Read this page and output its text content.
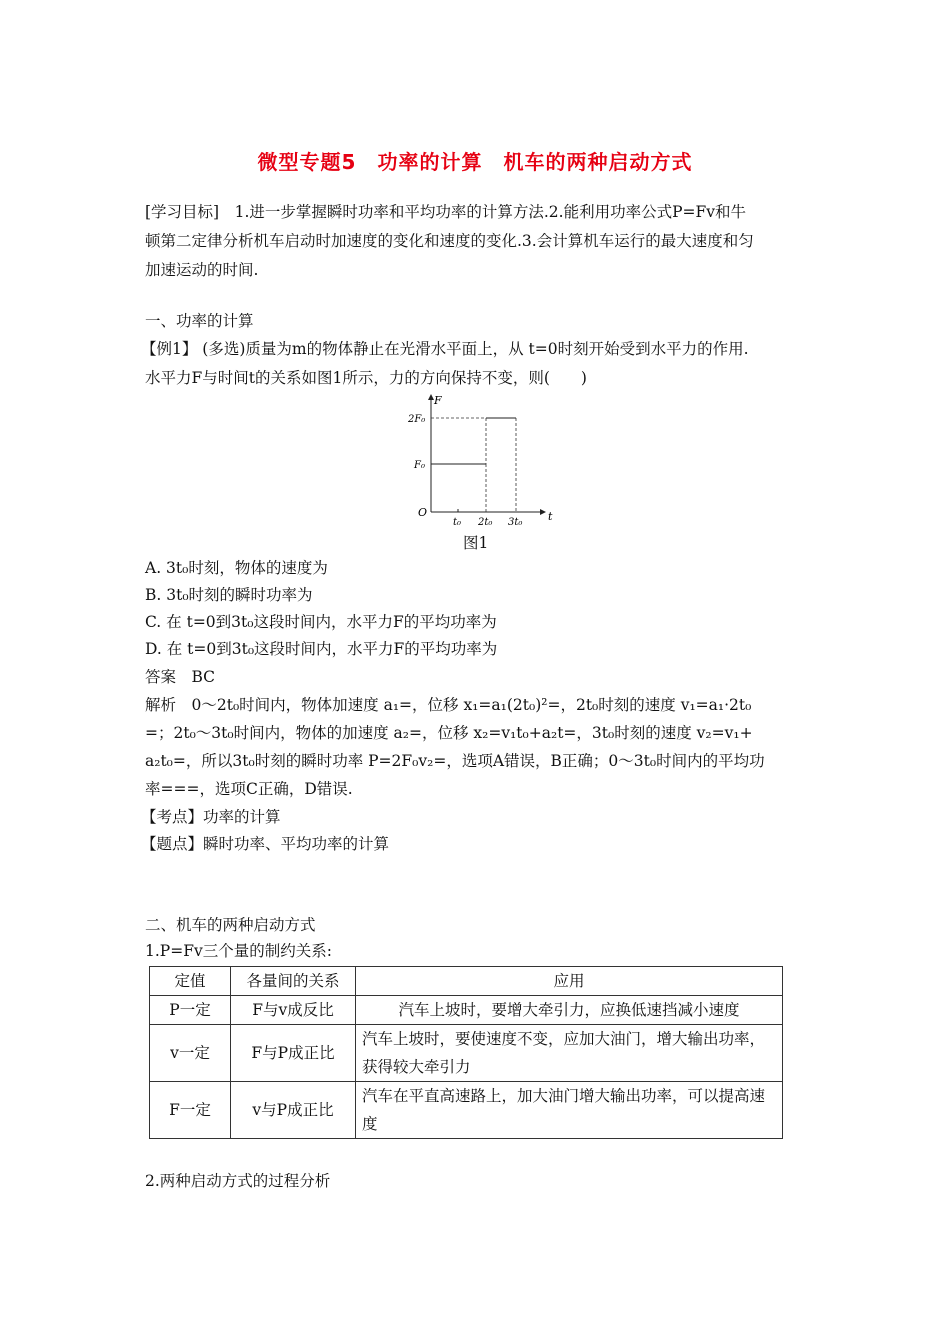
微型专题5　功率的计算　机车的两种启动方式
[学习目标]　1.进一步掌握瞬时功率和平均功率的计算方法.2.能利用功率公式P=Fv和牛
顿第二定律分析机车启动时加速度的变化和速度的变化.3.会计算机车运行的最大速度和匀
加速运动的时间.
一、功率的计算
【例1】 (多选)质量为m的物体静止在光滑水平面上，从 t=0时刻开始受到水平力的作用.
水平力F与时间t的关系如图1所示，力的方向保持不变，则(　　)
F
t
O
2F₀
F₀
t₀ 2t₀ 3t₀
图1
A. 3t₀时刻，物体的速度为
B. 3t₀时刻的瞬时功率为
C. 在 t=0到3t₀这段时间内，水平力F的平均功率为
D. 在 t=0到3t₀这段时间内，水平力F的平均功率为
答案　BC
解析　0～2t₀时间内，物体加速度 a₁=，位移 x₁=a₁(2t₀)²=，2t₀时刻的速度 v₁=a₁·2t₀
=；2t₀～3t₀时间内，物体的加速度 a₂=，位移 x₂=v₁t₀+a₂t=，3t₀时刻的速度 v₂=v₁+
a₂t₀=，所以3t₀时刻的瞬时功率 P=2F₀v₂=，选项A错误，B正确；0～3t₀时间内的平均功
率===，选项C正确，D错误.
【考点】功率的计算
【题点】瞬时功率、平均功率的计算
二、机车的两种启动方式
1.P=Fv三个量的制约关系:
定值	各量间的关系	应用
P一定	F与v成反比	汽车上坡时，要增大牵引力，应换低速挡减小速度
v一定	F与P成正比	汽车上坡时，要使速度不变，应加大油门，增大输出功率，获得较大牵引力
F一定	v与P成正比	汽车在平直高速路上，加大油门增大输出功率，可以提高速度
2.两种启动方式的过程分析
